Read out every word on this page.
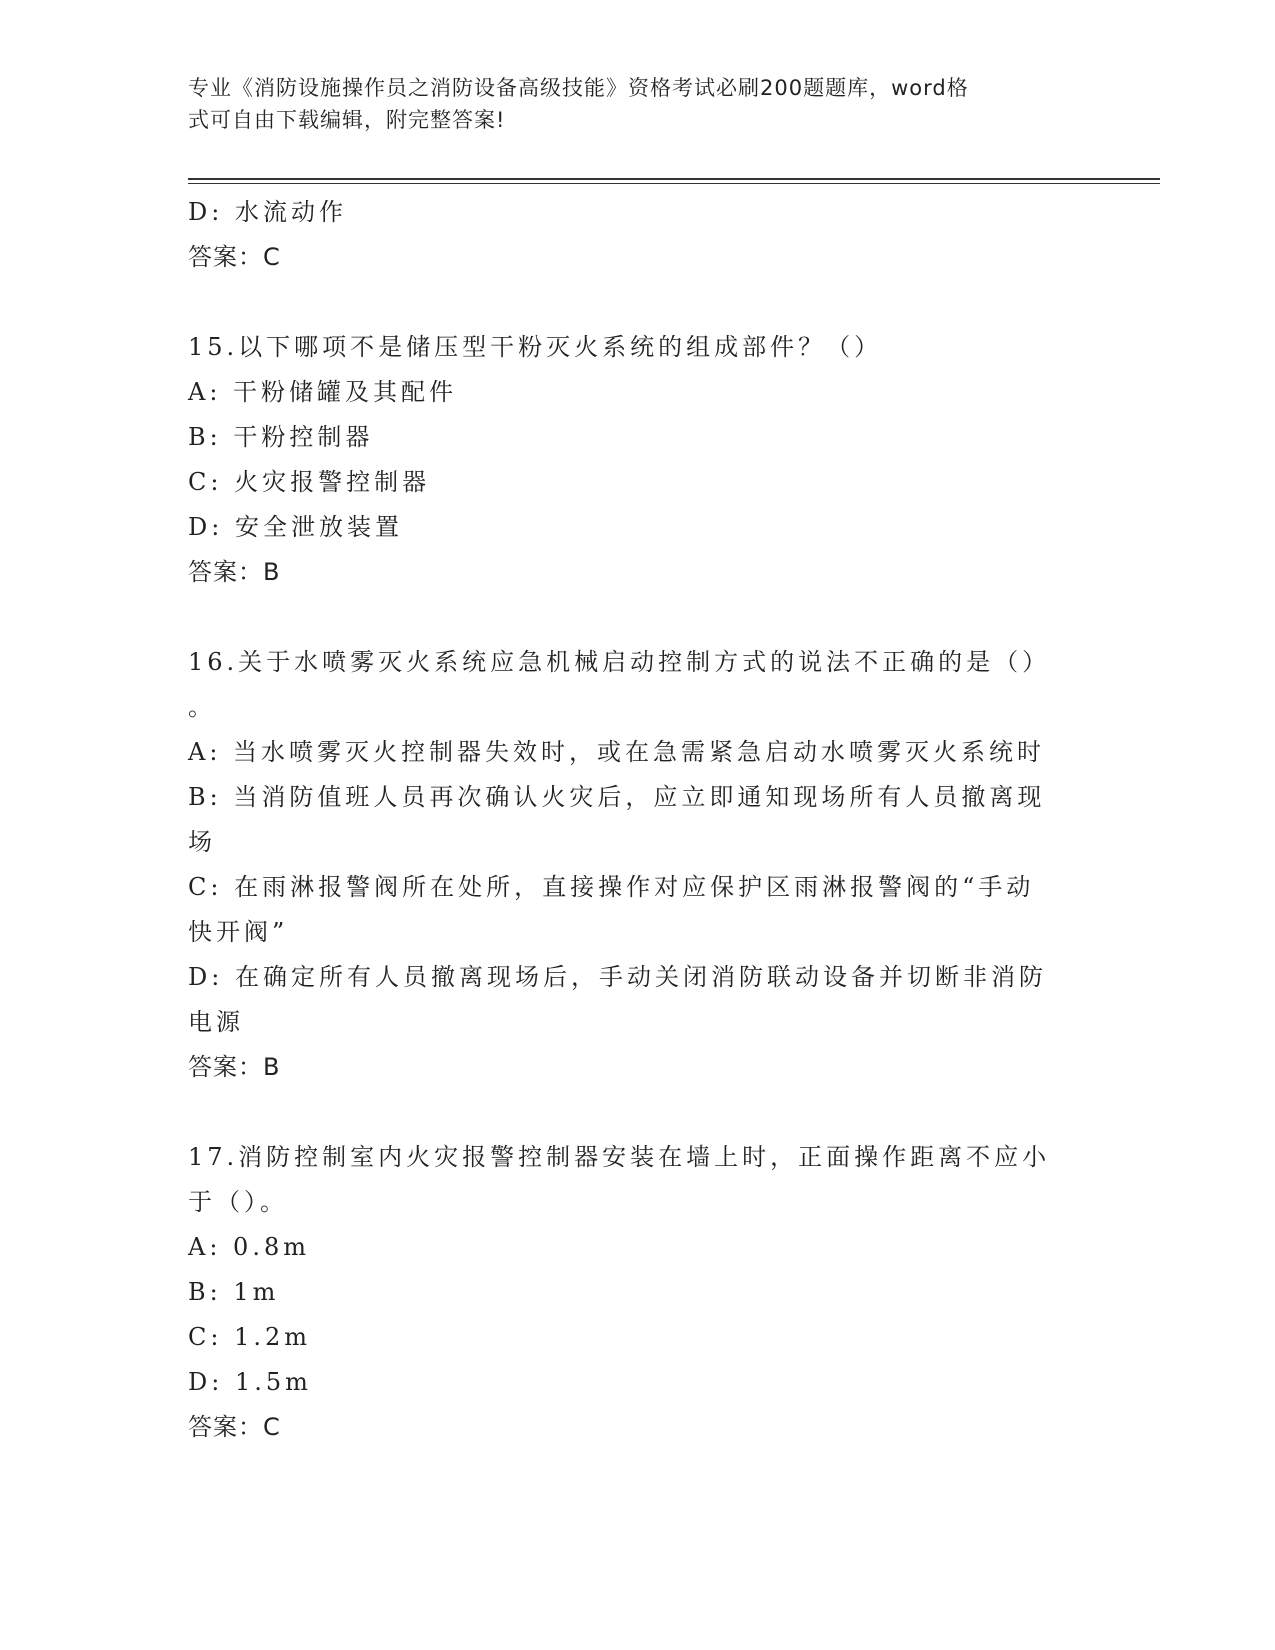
专业《消防设施操作员之消防设备高级技能》资格考试必刷200题题库，word格
式可自由下载编辑，附完整答案!
D: 水流动作
答案：C
15.以下哪项不是储压型干粉灭火系统的组成部件？（）
A: 干粉储罐及其配件
B: 干粉控制器
C: 火灾报警控制器
D: 安全泄放装置
答案：B
16.关于水喷雾灭火系统应急机械启动控制方式的说法不正确的是（）
。
A: 当水喷雾灭火控制器失效时，或在急需紧急启动水喷雾灭火系统时
B: 当消防值班人员再次确认火灾后，应立即通知现场所有人员撤离现
场
C: 在雨淋报警阀所在处所，直接操作对应保护区雨淋报警阀的“手动
快开阀”
D: 在确定所有人员撤离现场后，手动关闭消防联动设备并切断非消防
电源
答案：B
17.消防控制室内火灾报警控制器安装在墙上时，正面操作距离不应小
于（）。
A: 0.8m
B: 1m
C: 1.2m
D: 1.5m
答案：C
